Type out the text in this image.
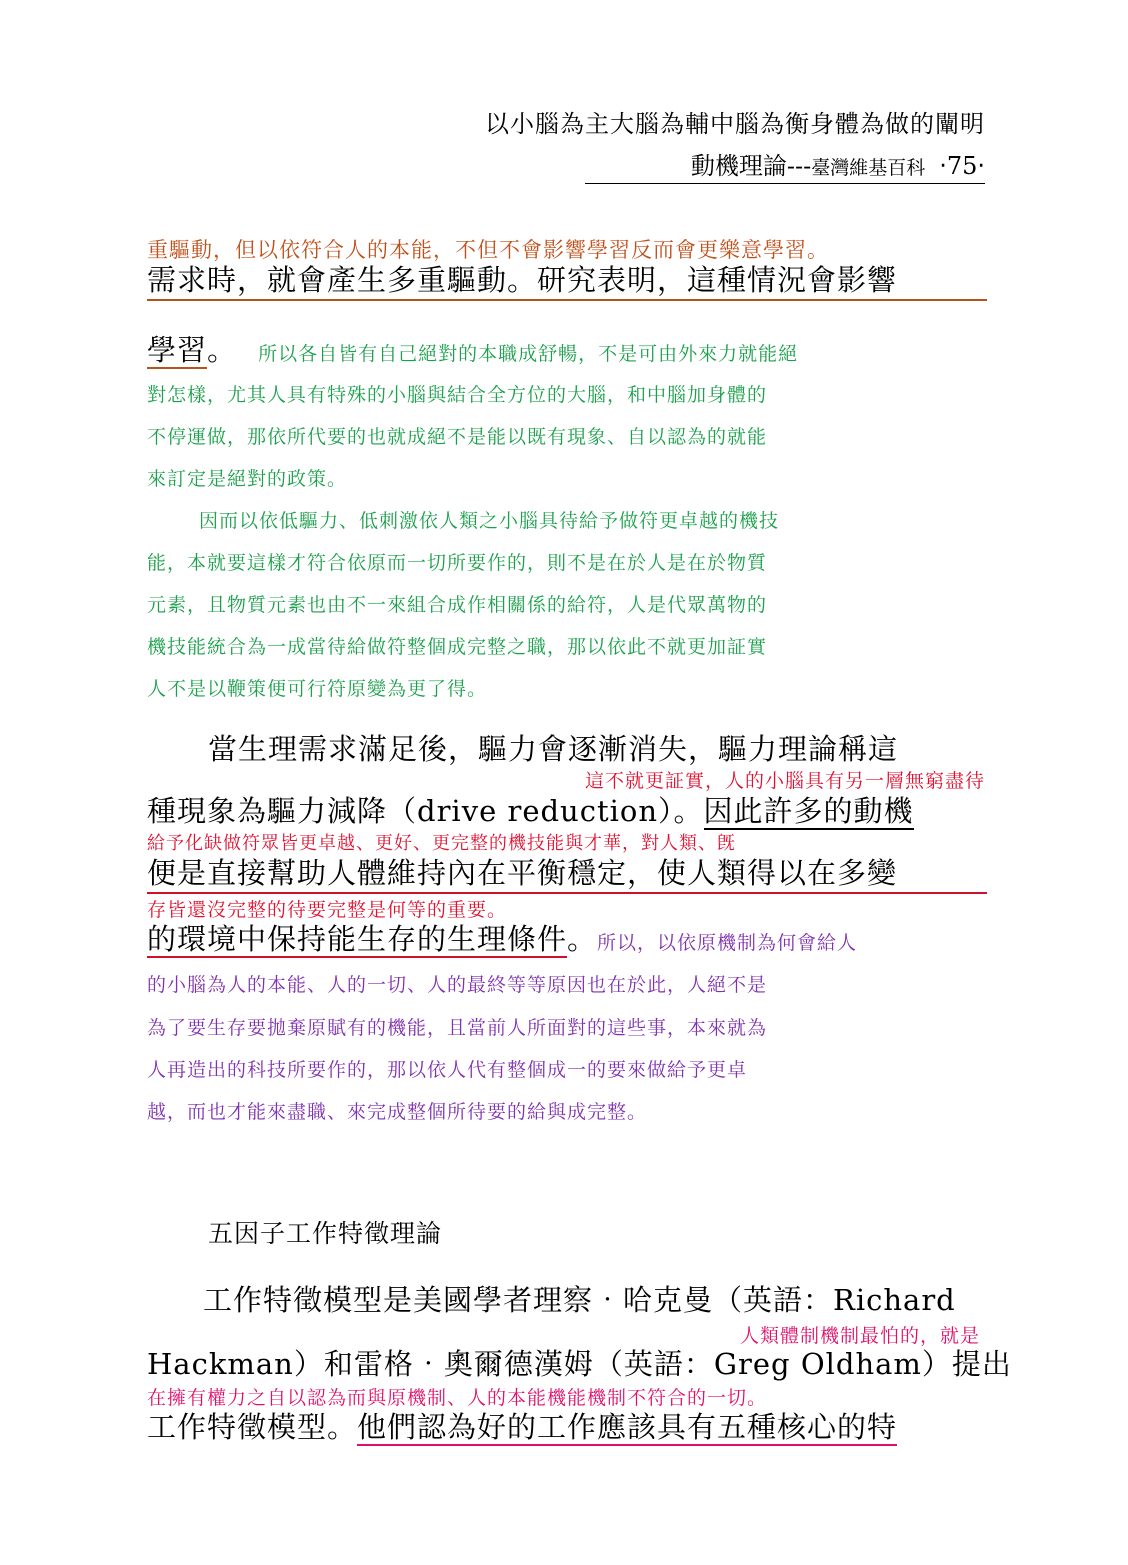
以小腦為主大腦為輔中腦為衡身體為做的闡明
動機理論---臺灣維基百科 ‧75‧
重驅動，但以依符合人的本能，不但不會影響學習反而會更樂意學習。
需求時，就會產生多重驅動。研究表明，這種情況會影響
學習。 所以各自皆有自己絕對的本職成舒暢，不是可由外來力就能絕
對怎樣，尤其人具有特殊的小腦與結合全方位的大腦，和中腦加身體的
不停運做，那依所代要的也就成絕不是能以既有現象、自以認為的就能
來訂定是絕對的政策。
因而以依低驅力、低刺激依人類之小腦具待給予做符更卓越的機技
能，本就要這樣才符合依原而一切所要作的，則不是在於人是在於物質
元素，且物質元素也由不一來組合成作相關係的給符，人是代眾萬物的
機技能統合為一成當待給做符整個成完整之職，那以依此不就更加証實
人不是以鞭策便可行符原變為更了得。
當生理需求滿足後，驅力會逐漸消失，驅力理論稱這
這不就更証實，人的小腦具有另一層無窮盡待
種現象為驅力減降（drive reduction）。因此許多的動機
給予化缺做符眾皆更卓越、更好、更完整的機技能與才華，對人類、旣
便是直接幫助人體維持內在平衡穩定，使人類得以在多變
存皆還沒完整的待要完整是何等的重要。
的環境中保持能生存的生理條件。所以，以依原機制為何會給人
的小腦為人的本能、人的一切、人的最終等等原因也在於此，人絕不是
為了要生存要拋棄原賦有的機能，且當前人所面對的這些事，本來就為
人再造出的科技所要作的，那以依人代有整個成一的要來做給予更卓
越，而也才能來盡職、來完成整個所待要的給與成完整。
五因子工作特徵理論
工作特徵模型是美國學者理察‧哈克曼（英語：Richard
人類體制機制最怕的，就是
Hackman）和雷格‧奧爾德漢姆（英語：Greg Oldham）提出
在擁有權力之自以認為而與原機制、人的本能機能機制不符合的一切。
工作特徵模型。他們認為好的工作應該具有五種核心的特
